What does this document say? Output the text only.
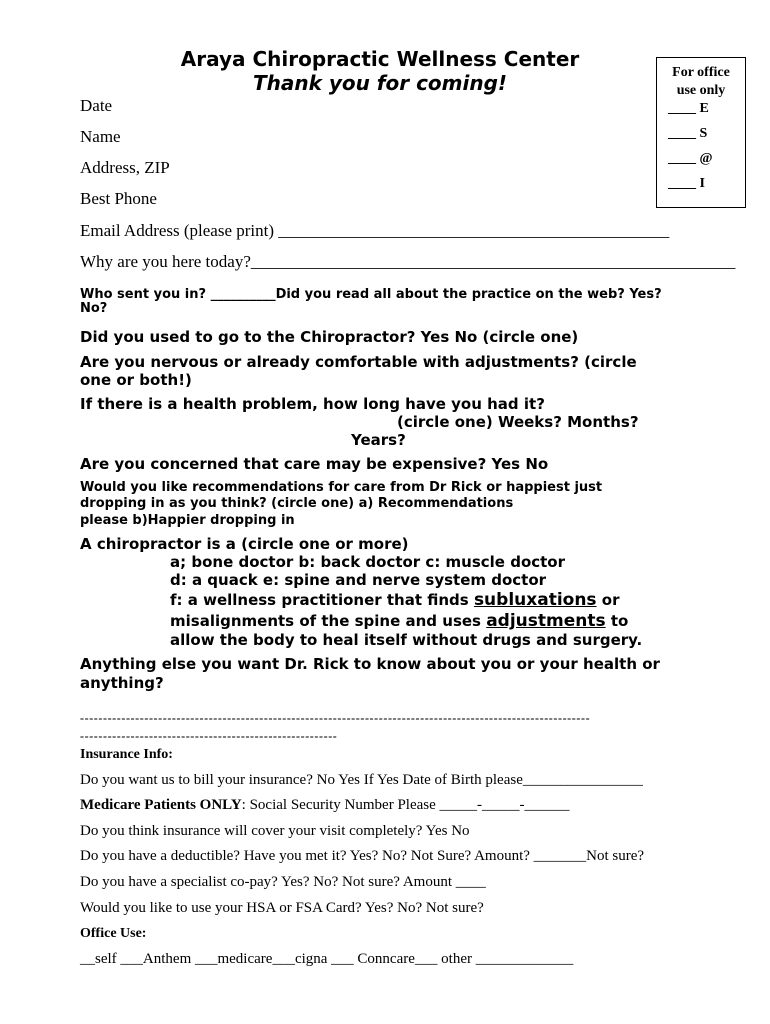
Araya Chiropractic Wellness Center
Thank you for coming!	For office
use only
____ E
____ S
____ @
____ I
Date
Name
Address, ZIP
Best Phone
Email Address (please print) ______________________________________________
Why are you here today?_________________________________________________________
Who sent you in? __________Did you read all about the practice on the web? Yes?
No?
Did you used to go to the Chiropractor? Yes No (circle one)
Are you nervous or already comfortable with adjustments? (circle
one or both!)
If there is a health problem, how long have you had it?
(circle one) Weeks? Months?
Years?
Are you concerned that care may be expensive? Yes No
Would you like recommendations for care from Dr Rick or happiest just
dropping in as you think? (circle one) a) Recommendations
please b)Happier dropping in
A chiropractor is a (circle one or more)
a; bone doctor b: back doctor c: muscle doctor
d: a quack e: spine and nerve system doctor
f: a wellness practitioner that finds subluxations or
misalignments of the spine and uses adjustments to
allow the body to heal itself without drugs and surgery.
Anything else you want Dr. Rick to know about you or your health or
anything?
---------------------------------------------------------------------------------------------------------------
--------------------------------------------------------
Insurance Info:
Do you want us to bill your insurance? No Yes If Yes Date of Birth please________________
Medicare Patients ONLY: Social Security Number Please _____-_____-______
Do you think insurance will cover your visit completely? Yes No
Do you have a deductible? Have you met it? Yes? No? Not Sure? Amount? _______Not sure?
Do you have a specialist co-pay? Yes? No? Not sure? Amount ____
Would you like to use your HSA or FSA Card? Yes? No? Not sure?
Office Use:
__self ___Anthem ___medicare___cigna ___ Conncare___ other _____________
